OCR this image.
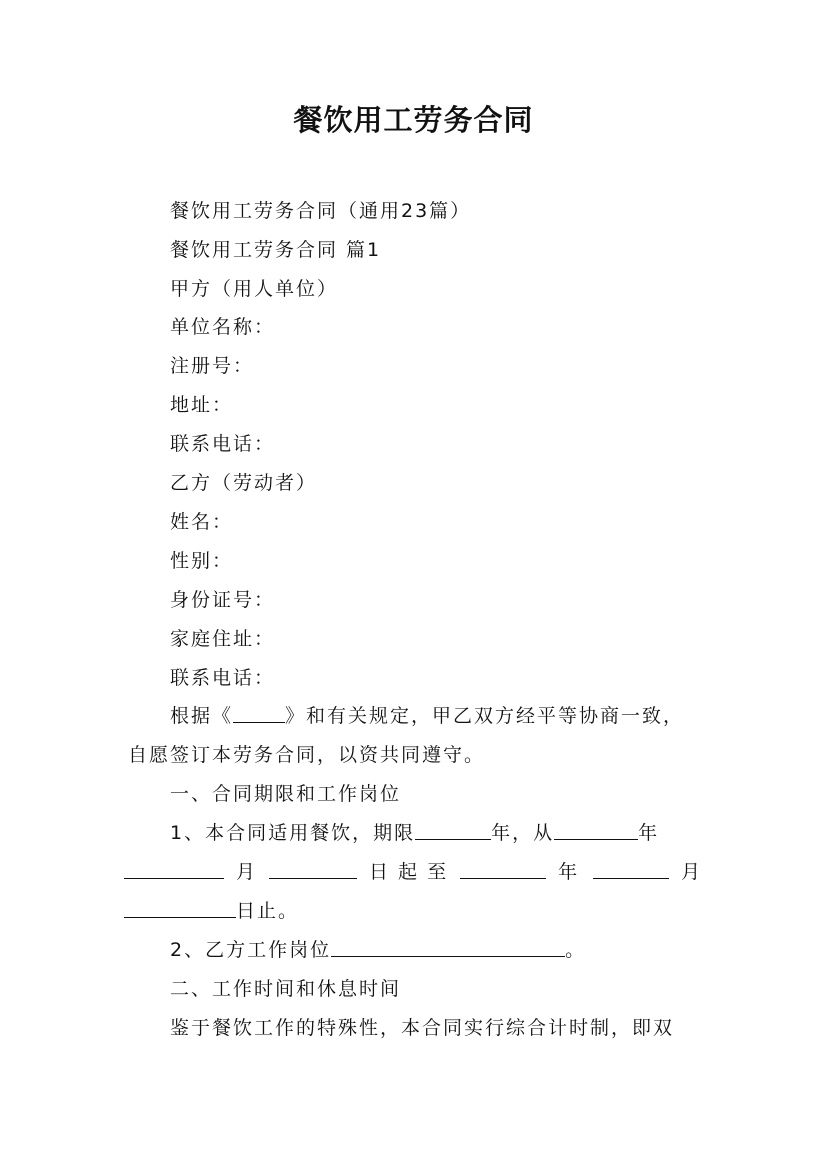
餐饮用工劳务合同
餐饮用工劳务合同（通用23篇）
餐饮用工劳务合同 篇1
甲方（用人单位）
单位名称：
注册号：
地址：
联系电话：
乙方（劳动者）
姓名：
性别：
身份证号：
家庭住址：
联系电话：
根据《	》和有关规定，甲乙双方经平等协商一致，
自愿签订本劳务合同，以资共同遵守。
一、合同期限和工作岗位
1、本合同适用餐饮，期限	年，从	年
月	日 起 至	年	月
日止。
2、乙方工作岗位	。
二、工作时间和休息时间
鉴于餐饮工作的特殊性，本合同实行综合计时制，即双
